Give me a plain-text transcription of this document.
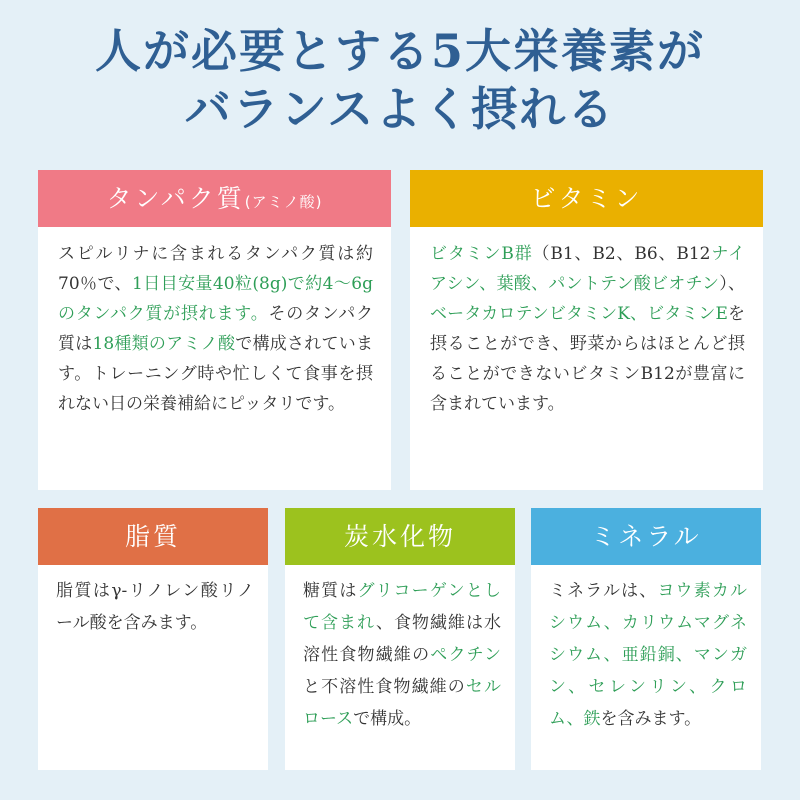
人が必要とする5大栄養素が
バランスよく摂れる
タンパク質(アミノ酸)
スピルリナに含まれるタンパク質は約70％で、1日目安量40粒(8g)で約4〜6gのタンパク質が摂れます。そのタンパク質は18種類のアミノ酸で構成されています。トレーニング時や忙しくて食事を摂れない日の栄養補給にピッタリです。
ビタミン
ビタミンB群（B1、B2、B6、B12ナイアシン、葉酸、パントテン酸ビオチン）、ベータカロテンビタミンK、ビタミンEを摂ることができ、野菜からはほとんど摂ることができないビタミンB12が豊富に含まれています。
脂質
脂質はγ-リノレン酸リノール酸を含みます。
炭水化物
糖質はグリコーゲンとして含まれ、食物繊維は水溶性食物繊維のペクチンと不溶性食物繊維のセルロースで構成。
ミネラル
ミネラルは、ヨウ素カルシウム、カリウムマグネシウム、亜鉛銅、マンガン、セレンリン、クロム、鉄を含みます。
